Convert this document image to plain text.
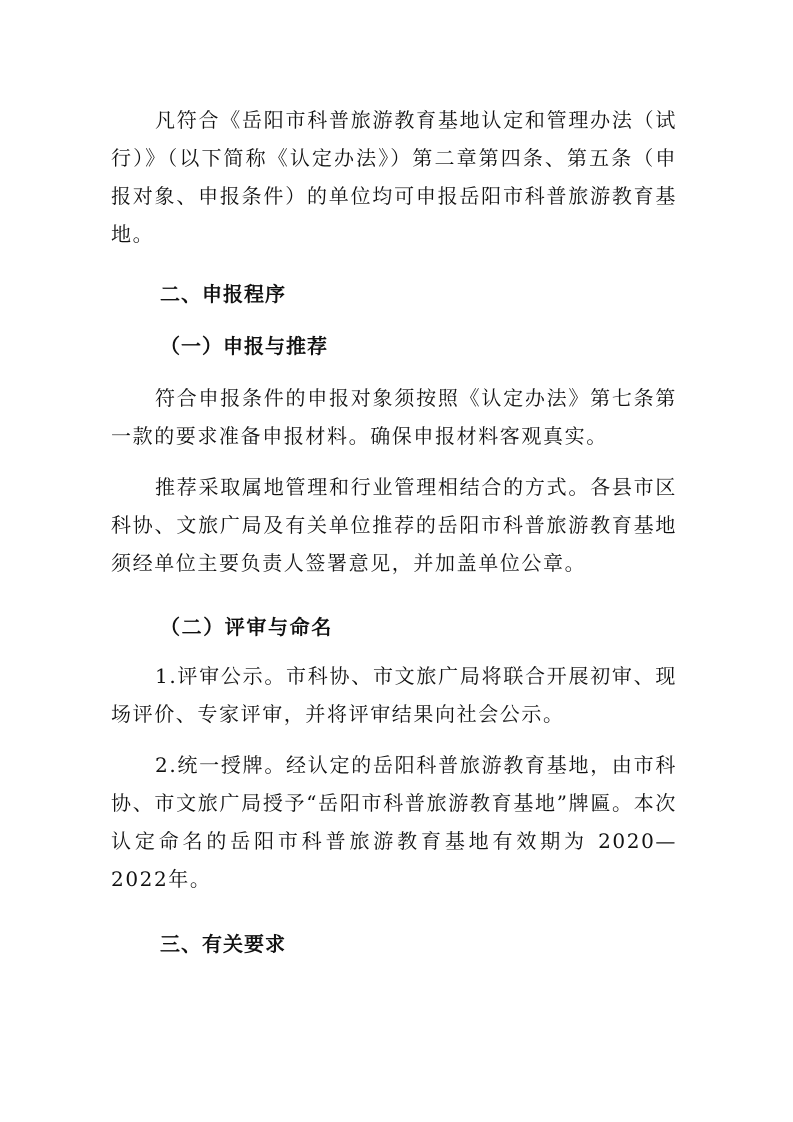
凡符合《岳阳市科普旅游教育基地认定和管理办法（试行）》（以下简称《认定办法》）第二章第四条、第五条（申报对象、申报条件）的单位均可申报岳阳市科普旅游教育基地。

二、申报程序
（一）申报与推荐

符合申报条件的申报对象须按照《认定办法》第七条第一款的要求准备申报材料。确保申报材料客观真实。

推荐采取属地管理和行业管理相结合的方式。各县市区科协、文旅广局及有关单位推荐的岳阳市科普旅游教育基地须经单位主要负责人签署意见，并加盖单位公章。

（二）评审与命名

1.评审公示。市科协、市文旅广局将联合开展初审、现场评价、专家评审，并将评审结果向社会公示。

2.统一授牌。经认定的岳阳科普旅游教育基地，由市科协、市文旅广局授予“岳阳市科普旅游教育基地”牌匾。本次认定命名的岳阳市科普旅游教育基地有效期为 2020—2022年。

三、有关要求
